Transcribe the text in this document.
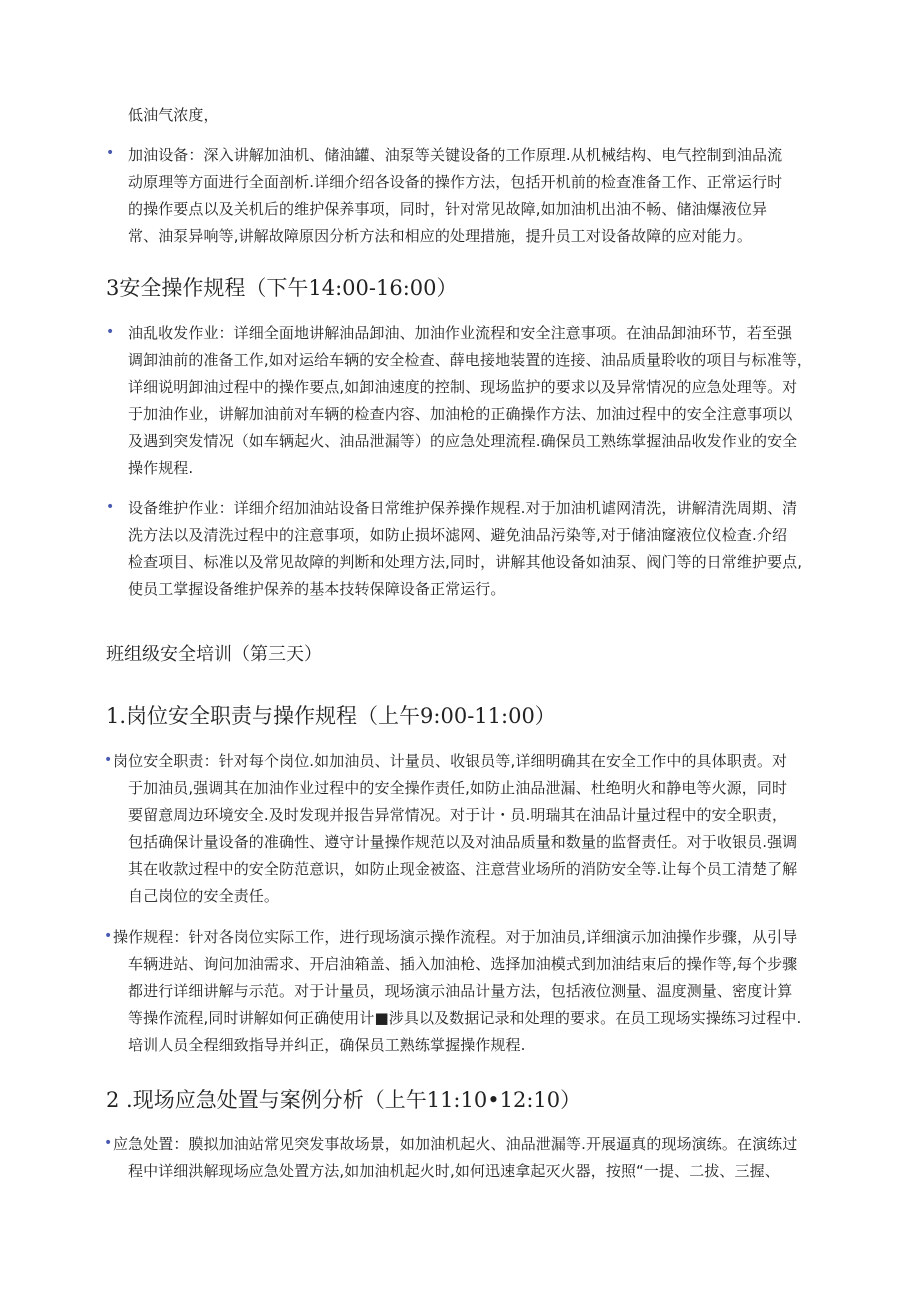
低油气浓度，
• 加油设备：深入讲解加油机、储油罐、油泵等关键设备的工作原理.从机械结构、电气控制到油品流
动原理等方面进行全面剖析.详细介绍各设备的操作方法，包括开机前的检查准备工作、正常运行时
的操作要点以及关机后的维护保养事项，同时，针对常见故障,如加油机出油不畅、储油爆液位异
常、油泵异响等,讲解故障原因分析方法和相应的处理措施，提升员工对设备故障的应对能力。
3安全操作规程（下午14:00-16:00）
• 油乱收发作业：详细全面地讲解油品卸油、加油作业流程和安全注意事项。在油品卸油环节，若至强
调卸油前的准备工作,如对运给车辆的安全检查、薛电接地装置的连接、油品质量聆收的项目与标准等，
详细说明卸油过程中的操作要点,如卸油速度的控制、现场监护的要求以及异常情况的应急处理等。对
于加油作业，讲解加油前对车辆的检查内容、加油枪的正确操作方法、加油过程中的安全注意事项以
及遇到突发情况（如车辆起火、油品泄漏等）的应急处理流程.确保员工熟练掌握油品收发作业的安全
操作规程.
• 设备维护作业：详细介绍加油站设备日常维护保养操作规程.对于加油机谑网清洗，讲解清洗周期、清
洗方法以及清洗过程中的注意事项，如防止损坏滤网、避免油品污染等,对于储油窿液位仪检查.介绍
检查项目、标准以及常见故障的判断和处理方法,同时，讲解其他设备如油泵、阀门等的日常维护要点,
使员工掌握设备维护保养的基本技转保障设备正常运行。
班组级安全培训（第三天）
1.岗位安全职责与操作规程（上午9:00-11:00）
• 岗位安全职责：针对每个岗位.如加油员、计量员、收银员等,详细明确其在安全工作中的具体职责。对
于加油员,强调其在加油作业过程中的安全操作责任,如防止油品泄漏、杜绝明火和静电等火源，同时
要留意周边环境安全.及时发现并报告异常情况。对于计・员.明瑞其在油品计量过程中的安全职责，
包括确保计量设备的准确性、遵守计量操作规范以及对油品质量和数量的监督责任。对于收银员.强调
其在收款过程中的安全防范意识，如防止现金被盗、注意营业场所的消防安全等.让每个员工清楚了解
自己岗位的安全责任。
• 操作规程：针对各岗位实际工作，进行现场演示操作流程。对于加油员,详细演示加油操作步骤，从引导
车辆进站、询问加油需求、开启油箱盖、插入加油枪、选择加油模式到加油结束后的操作等,每个步骤
都进行详细讲解与示范。对于计量员，现场演示油品计量方法，包括液位测量、温度测量、密度计算
等操作流程,同时讲解如何正确使用计■涉具以及数据记录和处理的要求。在员工现场实操练习过程中.
培训人员全程细致指导并纠正，确保员工熟练掌握操作规程.
2 .现场应急处置与案例分析（上午11:10•12:10）
• 应急处置：膜拟加油站常见突发事故场景，如加油机起火、油品泄漏等.开展逼真的现场演练。在演练过
程中详细洪解现场应急处置方法,如加油机起火时,如何迅速拿起灭火器，按照“一提、二拔、三握、
